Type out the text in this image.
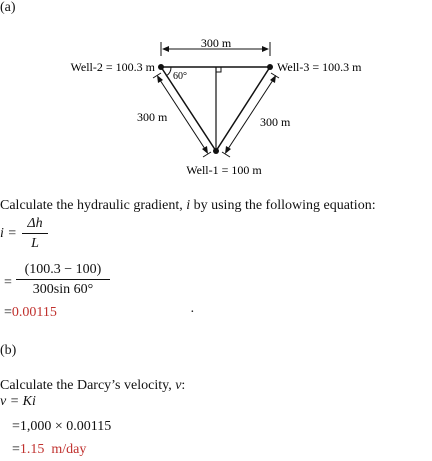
(a)
300 m
60°
Well-2 = 100.3 m	Well-3 = 100.3 m
300 m	300 m
Well-1 = 100 m
Calculate the hydraulic gradient, i by using the following equation:
i =
Δh
L
=
(100.3 − 100)
300sin 60°
=0.00115	·
(b)
Calculate the Darcy’s velocity, ν:
ν = Ki
=1,000 × 0.00115
=1.15  m/day
